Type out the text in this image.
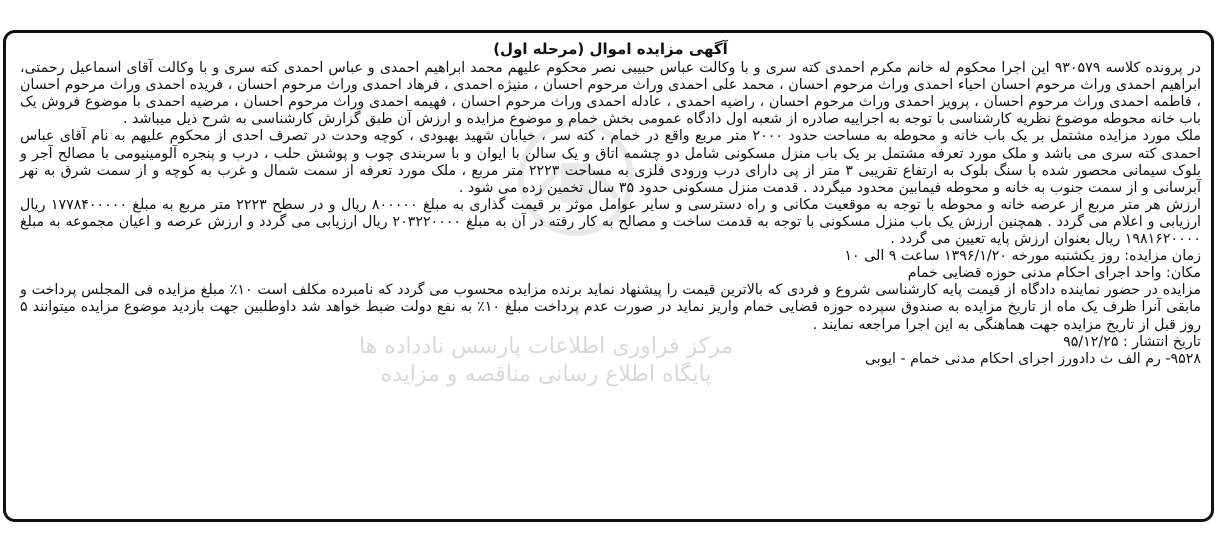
مرکز فراوری اطلاعات پارسس نادداده ها
پایگاه اطلاع رسانی مناقصه و مزایده

آگهی مزایده اموال (مرحله اول)

در پرونده کلاسه ۹۳۰۵۷۹ این اجرا محکوم له خانم مکرم احمدی کته سری و با وکالت عباس حبیبی نصر محکوم علیهم محمد ابراهیم احمدی و عباس احمدی کته سری و با وکالت آقای اسماعیل رحمتی، ابراهیم احمدی وراث مرحوم احسان احیاء احمدی وراث مرحوم احسان ، محمد علی احمدی وراث مرحوم احسان ، منیژه احمدی ، فرهاد احمدی وراث مرحوم احسان ، فریده احمدی وراث مرحوم احسان ، فاطمه احمدی وراث مرحوم احسان ، پرویز احمدی وراث مرحوم احسان ، راضیه احمدی ، عادله احمدی وراث مرحوم احسان ، فهیمه احمدی وراث مرحوم احسان ، مرضیه احمدی با موضوع فروش یک باب خانه محوطه موضوع نظریه کارشناسی با توجه به اجراییه صادره از شعبه اول دادگاه عمومی بخش خمام و موضوع مزایده و ارزش آن طبق گزارش کارشناسی به شرح ذیل میباشد .

ملک مورد مزایده مشتمل بر یک باب خانه و محوطه به مساحت حدود ۲۰۰۰ متر مربع واقع در خمام ، کته سر ، خیابان شهید بهبودی ، کوچه وحدت در تصرف احدی از محکوم علیهم به نام آقای عباس احمدی کته سری می باشد و ملک مورد تعرفه مشتمل بر یک باب منزل مسکونی شامل دو چشمه اتاق و یک سالن با ایوان و با سربندی چوب و پوشش حلب ، درب و پنجره آلومینیومی با مصالح آجر و بلوک سیمانی محصور شده با سنگ بلوک به ارتفاع تقریبی ۳ متر از پی دارای درب ورودی فلزی به مساحت ۲۲۲۳ متر مربع ، ملک مورد تعرفه از سمت شمال و غرب به کوچه و از سمت شرق به نهر آبرسانی و از سمت جنوب به خانه و محوطه فیمابین محدود میگردد . قدمت منزل مسکونی حدود ۳۵ سال تخمین زده می شود .

ارزش هر متر مربع از عرصه خانه و محوطه با توجه به موقعیت مکانی و راه دسترسی و سایر عوامل موثر بر قیمت گذاری به مبلغ ۸۰۰۰۰۰ ریال و در سطح ۲۲۲۳ متر مربع به مبلغ ۱۷۷۸۴۰۰۰۰۰ ریال ارزیابی و اعلام می گردد . همچنین ارزش یک باب منزل مسکونی با توجه به قدمت ساخت و مصالح به کار رفته در آن به مبلغ ۲۰۳۲۲۰۰۰۰ ریال ارزیابی می گردد و ارزش عرصه و اعیان مجموعه به مبلغ ۱۹۸۱۶۲۰۰۰۰ ریال بعنوان ارزش پایه تعیین می گردد .

زمان مزایده: روز یکشنبه مورخه ۱۳۹۶/۱/۲۰ ساعت ۹ الی ۱۰

مکان: واحد اجرای احکام مدنی حوزه قضایی خمام

مزایده در حضور نماینده دادگاه از قیمت پایه کارشناسی شروع و فردی که بالاترین قیمت را پیشنهاد نماید برنده مزایده محسوب می گردد که نامبرده مکلف است ۱۰٪ مبلغ مزایده فی المجلس پرداخت و مابقی آنرا ظرف یک ماه از تاریخ مزایده به صندوق سپرده حوزه قضایی خمام واریز نماید در صورت عدم پرداخت مبلغ ۱۰٪ به نفع دولت ضبط خواهد شد داوطلبین جهت بازدید موضوع مزایده میتوانند ۵ روز قبل از تاریخ مزایده جهت هماهنگی به این اجرا مراجعه نمایند .

تاریخ انتشار : ۹۵/۱۲/۲۵

۹۵۲۸- رم الف ث دادورز اجرای احکام مدنی خمام - ایوبی
